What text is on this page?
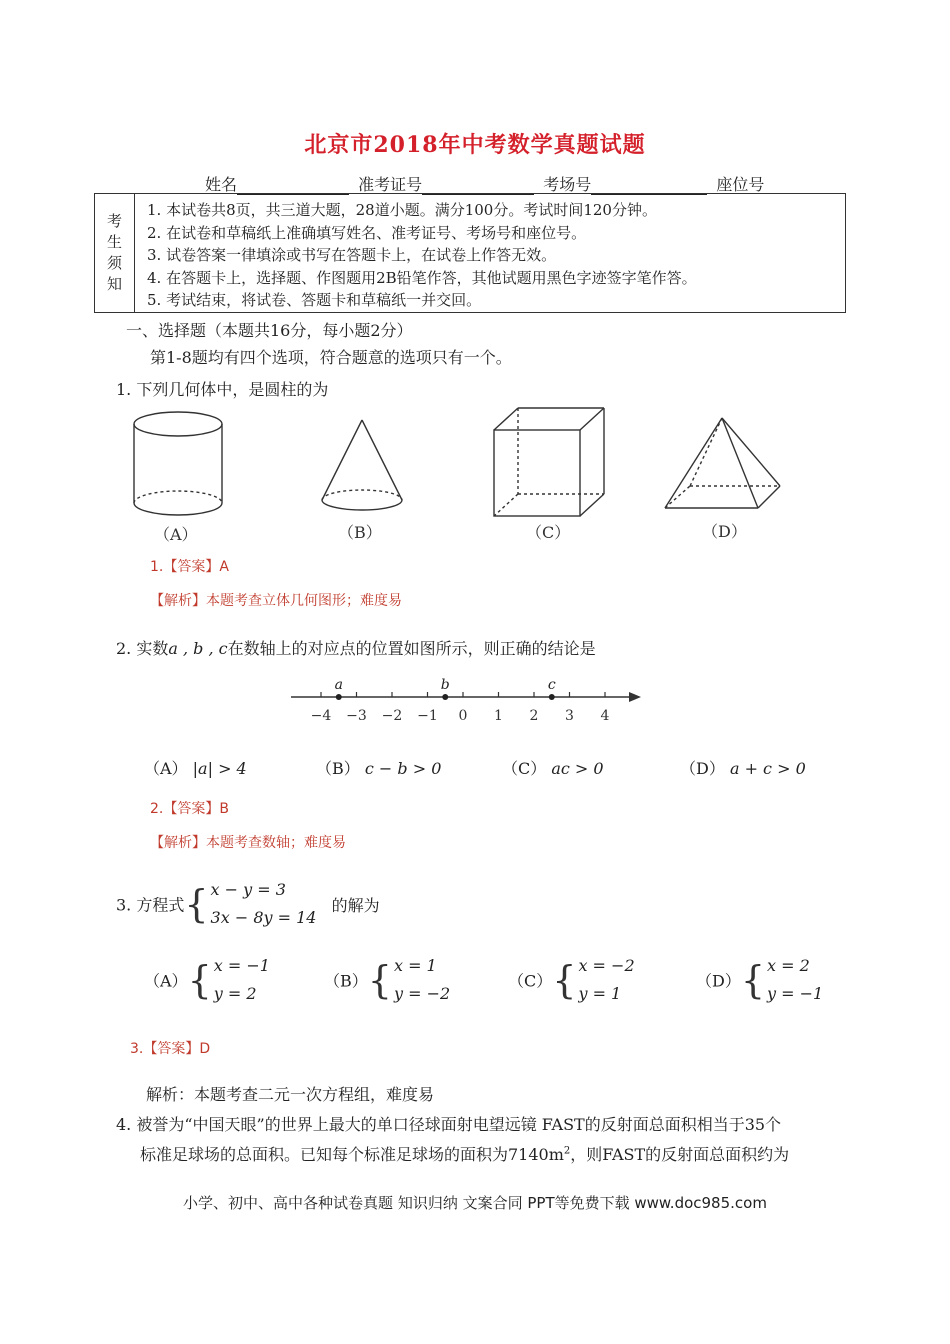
北京市2018年中考数学真题试题
姓名	准考证号	考场号	座位号
考
生
须
知
1. 本试卷共8页，共三道大题，28道小题。满分100分。考试时间120分钟。
2. 在试卷和草稿纸上准确填写姓名、准考证号、考场号和座位号。
3. 试卷答案一律填涂或书写在答题卡上，在试卷上作答无效。
4. 在答题卡上，选择题、作图题用2B铅笔作答，其他试题用黑色字迹签字笔作答。
5. 考试结束，将试卷、答题卡和草稿纸一并交回。
一、选择题（本题共16分，每小题2分）
第1-8题均有四个选项，符合题意的选项只有一个。
1. 下列几何体中，是圆柱的为
（A）	（B）	（C）	（D）
1.【答案】A
【解析】本题考查立体几何图形；难度易
2. 实数a , b , c在数轴上的对应点的位置如图所示，则正确的结论是
−4 −3 −2 −1 0 1 2 3 4
a	b	c
（A） |a| > 4	（B） c − b > 0	（C） ac > 0	（D） a + c > 0
2.【答案】B
【解析】本题考查数轴；难度易
3. 方程式{ x − y = 3
3x − 8y = 14 的解为
（A）{ x = −1
y = 2
（B）{ x = 1
y = −2
（C）{ x = −2
y = 1
（D）{ x = 2
y = −1
3.【答案】D
解析：本题考查二元一次方程组，难度易
4. 被誉为“中国天眼”的世界上最大的单口径球面射电望远镜 FAST的反射面总面积相当于35个
标准足球场的总面积。已知每个标准足球场的面积为$7140m^2$，则FAST的反射面总面积约为
小学、初中、高中各种试卷真题 知识归纳 文案合同 PPT等免费下载 www.doc985.com
